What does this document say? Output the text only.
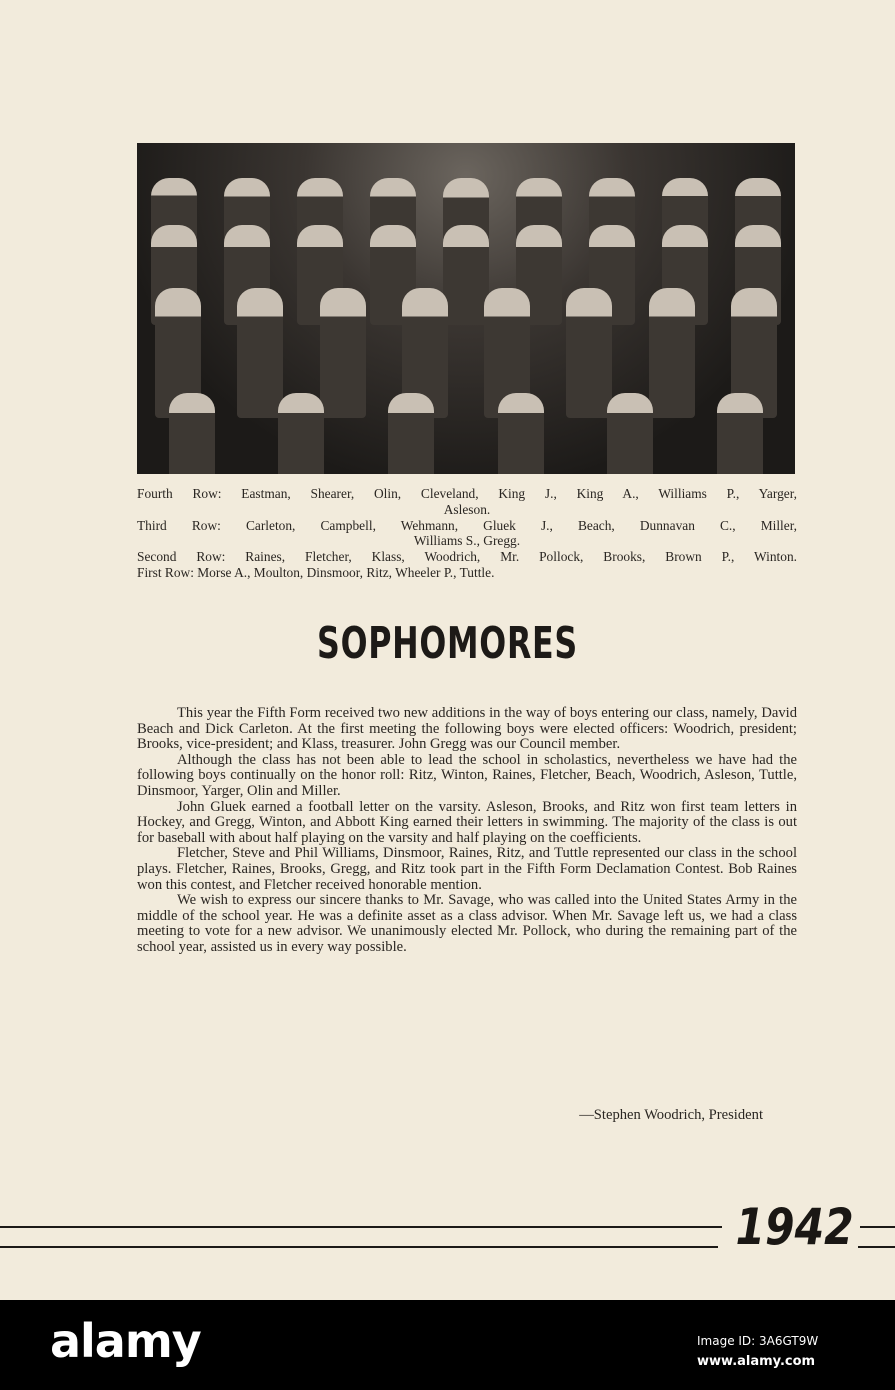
Fourth Row: Eastman, Shearer, Olin, Cleveland, King J., King A., Williams P., Yarger,
Asleson.
Third Row: Carleton, Campbell, Wehmann, Gluek J., Beach, Dunnavan C., Miller,
Williams S., Gregg.
Second Row: Raines, Fletcher, Klass, Woodrich, Mr. Pollock, Brooks, Brown P., Winton.
First Row: Morse A., Moulton, Dinsmoor, Ritz, Wheeler P., Tuttle.
SOPHOMORES

This year the Fifth Form received two new additions in the way of boys entering our class, namely, David Beach and Dick Carleton. At the first meeting the following boys were elected officers: Woodrich, president; Brooks, vice-president; and Klass, treasurer. John Gregg was our Council member.

Although the class has not been able to lead the school in scholastics, nevertheless we have had the following boys continually on the honor roll: Ritz, Winton, Raines, Fletcher, Beach, Woodrich, Asleson, Tuttle, Dinsmoor, Yarger, Olin and Miller.

John Gluek earned a football letter on the varsity. Asleson, Brooks, and Ritz won first team letters in Hockey, and Gregg, Winton, and Abbott King earned their letters in swimming. The majority of the class is out for baseball with about half playing on the varsity and half playing on the coefficients.

Fletcher, Steve and Phil Williams, Dinsmoor, Raines, Ritz, and Tuttle represented our class in the school plays. Fletcher, Raines, Brooks, Gregg, and Ritz took part in the Fifth Form Declamation Contest. Bob Raines won this contest, and Fletcher received honorable mention.

We wish to express our sincere thanks to Mr. Savage, who was called into the United States Army in the middle of the school year. He was a definite asset as a class advisor. When Mr. Savage left us, we had a class meeting to vote for a new advisor. We unanimously elected Mr. Pollock, who during the remaining part of the school year, assisted us in every way possible.

—Stephen Woodrich, President
1942
alamy	Image ID: 3A6GT9W
www.alamy.com
